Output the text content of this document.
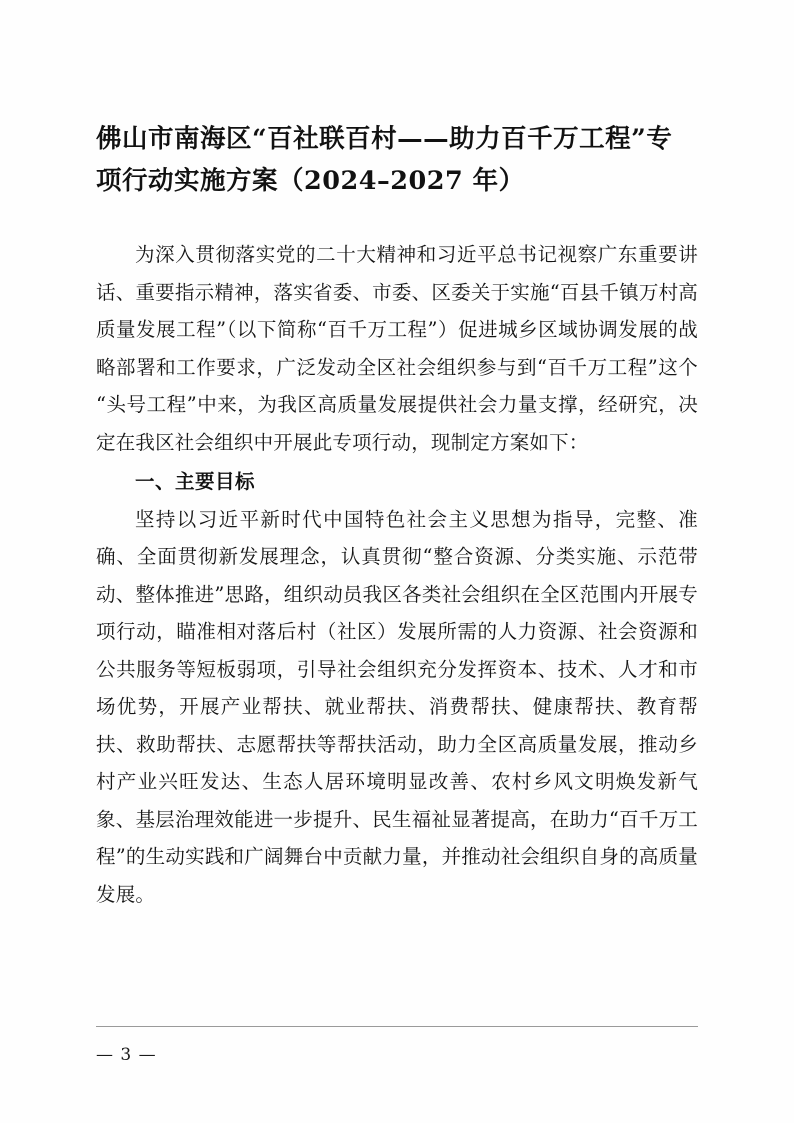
佛山市南海区“百社联百村——助力百千万工程”专项行动实施方案（2024–2027 年）

为深入贯彻落实党的二十大精神和习近平总书记视察广东重要讲话、重要指示精神，落实省委、市委、区委关于实施“百县千镇万村高质量发展工程”（以下简称“百千万工程”）促进城乡区域协调发展的战略部署和工作要求，广泛发动全区社会组织参与到“百千万工程”这个“头号工程”中来，为我区高质量发展提供社会力量支撑，经研究，决定在我区社会组织中开展此专项行动，现制定方案如下：

一、主要目标

坚持以习近平新时代中国特色社会主义思想为指导，完整、准确、全面贯彻新发展理念，认真贯彻“整合资源、分类实施、示范带动、整体推进”思路，组织动员我区各类社会组织在全区范围内开展专项行动，瞄准相对落后村（社区）发展所需的人力资源、社会资源和公共服务等短板弱项，引导社会组织充分发挥资本、技术、人才和市场优势，开展产业帮扶、就业帮扶、消费帮扶、健康帮扶、教育帮扶、救助帮扶、志愿帮扶等帮扶活动，助力全区高质量发展，推动乡村产业兴旺发达、生态人居环境明显改善、农村乡风文明焕发新气象、基层治理效能进一步提升、民生福祉显著提高，在助力“百千万工程”的生动实践和广阔舞台中贡献力量，并推动社会组织自身的高质量发展。

— 3 —
